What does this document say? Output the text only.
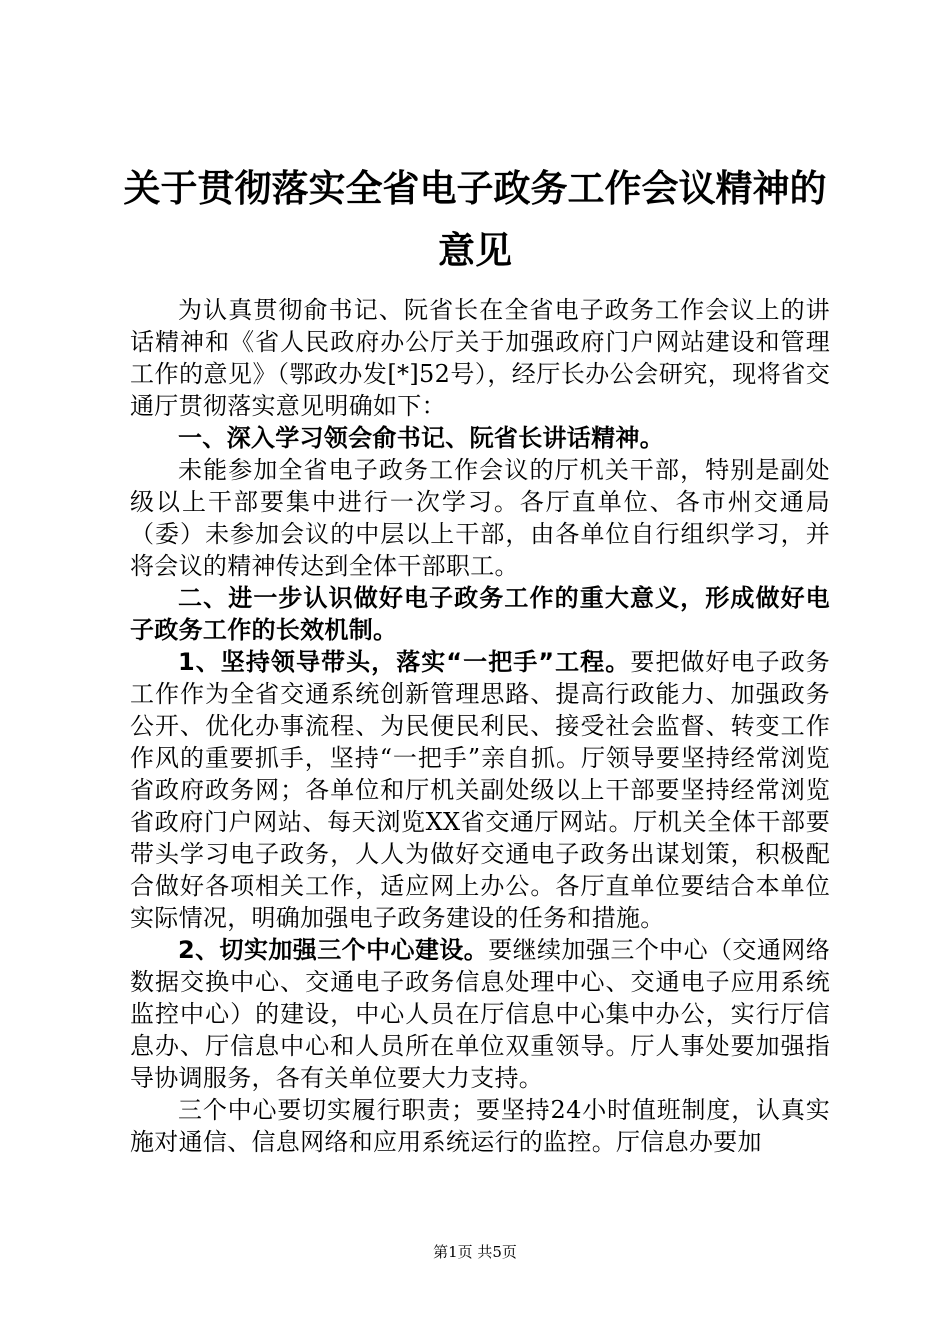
关于贯彻落实全省电子政务工作会议精神的意见

为认真贯彻俞书记、阮省长在全省电子政务工作会议上的讲话精神和《省人民政府办公厅关于加强政府门户网站建设和管理工作的意见》（鄂政办发[*]52号），经厅长办公会研究，现将省交通厅贯彻落实意见明确如下：

一、深入学习领会俞书记、阮省长讲话精神。

未能参加全省电子政务工作会议的厅机关干部，特别是副处级以上干部要集中进行一次学习。各厅直单位、各市州交通局（委）未参加会议的中层以上干部，由各单位自行组织学习，并将会议的精神传达到全体干部职工。

二、进一步认识做好电子政务工作的重大意义，形成做好电子政务工作的长效机制。

1、坚持领导带头，落实“一把手”工程。要把做好电子政务工作作为全省交通系统创新管理思路、提高行政能力、加强政务公开、优化办事流程、为民便民利民、接受社会监督、转变工作作风的重要抓手，坚持“一把手”亲自抓。厅领导要坚持经常浏览省政府政务网；各单位和厅机关副处级以上干部要坚持经常浏览省政府门户网站、每天浏览XX省交通厅网站。厅机关全体干部要带头学习电子政务，人人为做好交通电子政务出谋划策，积极配合做好各项相关工作，适应网上办公。各厅直单位要结合本单位实际情况，明确加强电子政务建设的任务和措施。

2、切实加强三个中心建设。要继续加强三个中心（交通网络数据交换中心、交通电子政务信息处理中心、交通电子应用系统监控中心）的建设，中心人员在厅信息中心集中办公，实行厅信息办、厅信息中心和人员所在单位双重领导。厅人事处要加强指导协调服务，各有关单位要大力支持。

三个中心要切实履行职责；要坚持24小时值班制度，认真实施对通信、信息网络和应用系统运行的监控。厅信息办要加

第1页 共5页
